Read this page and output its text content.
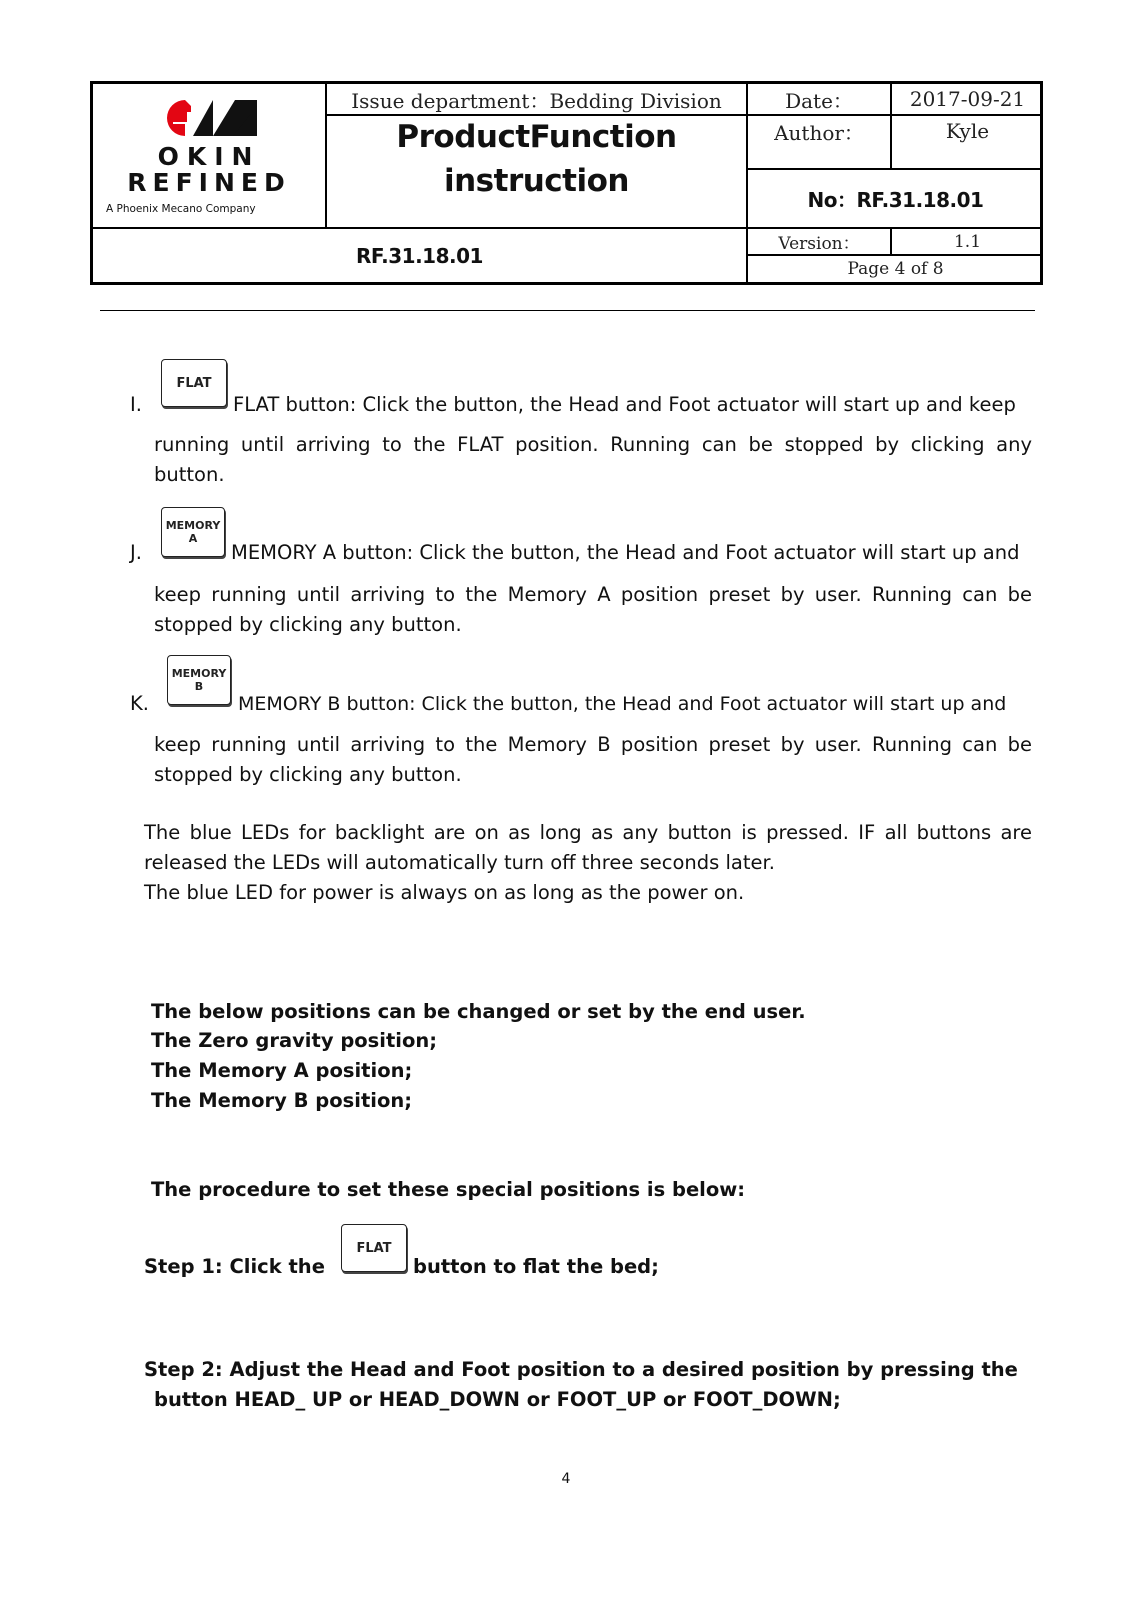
OKIN
REFINED
A Phoenix Mecano Company
Issue department：Bedding Division
ProductFunction
instruction
Date：	2017-09-21
Author：	Kyle
No：RF.31.18.01
RF.31.18.01	Version：	1.1
Page 4 of 8
I.
FLAT
FLAT button: Click the button, the Head and Foot actuator will start up and keep
running until arriving to the FLAT position. Running can be stopped by clicking any button.
J.
MEMORY
A
MEMORY A button: Click the button, the Head and Foot actuator will start up and
keep running until arriving to the Memory A position preset by user. Running can be stopped by clicking any button.
K.
MEMORY
B
MEMORY B button: Click the button, the Head and Foot actuator will start up and
keep running until arriving to the Memory B position preset by user. Running can be stopped by clicking any button.
The blue LEDs for backlight are on as long as any button is pressed. IF all buttons are released the LEDs will automatically turn off three seconds later.
The blue LED for power is always on as long as the power on.
The below positions can be changed or set by the end user.
The Zero gravity position;
The Memory A position;
The Memory B position;
The procedure to set these special positions is below:
Step 1: Click the
FLAT
button to flat the bed;
Step 2: Adjust the Head and Foot position to a desired position by pressing the
button HEAD_ UP or HEAD_DOWN or FOOT_UP or FOOT_DOWN;
4
